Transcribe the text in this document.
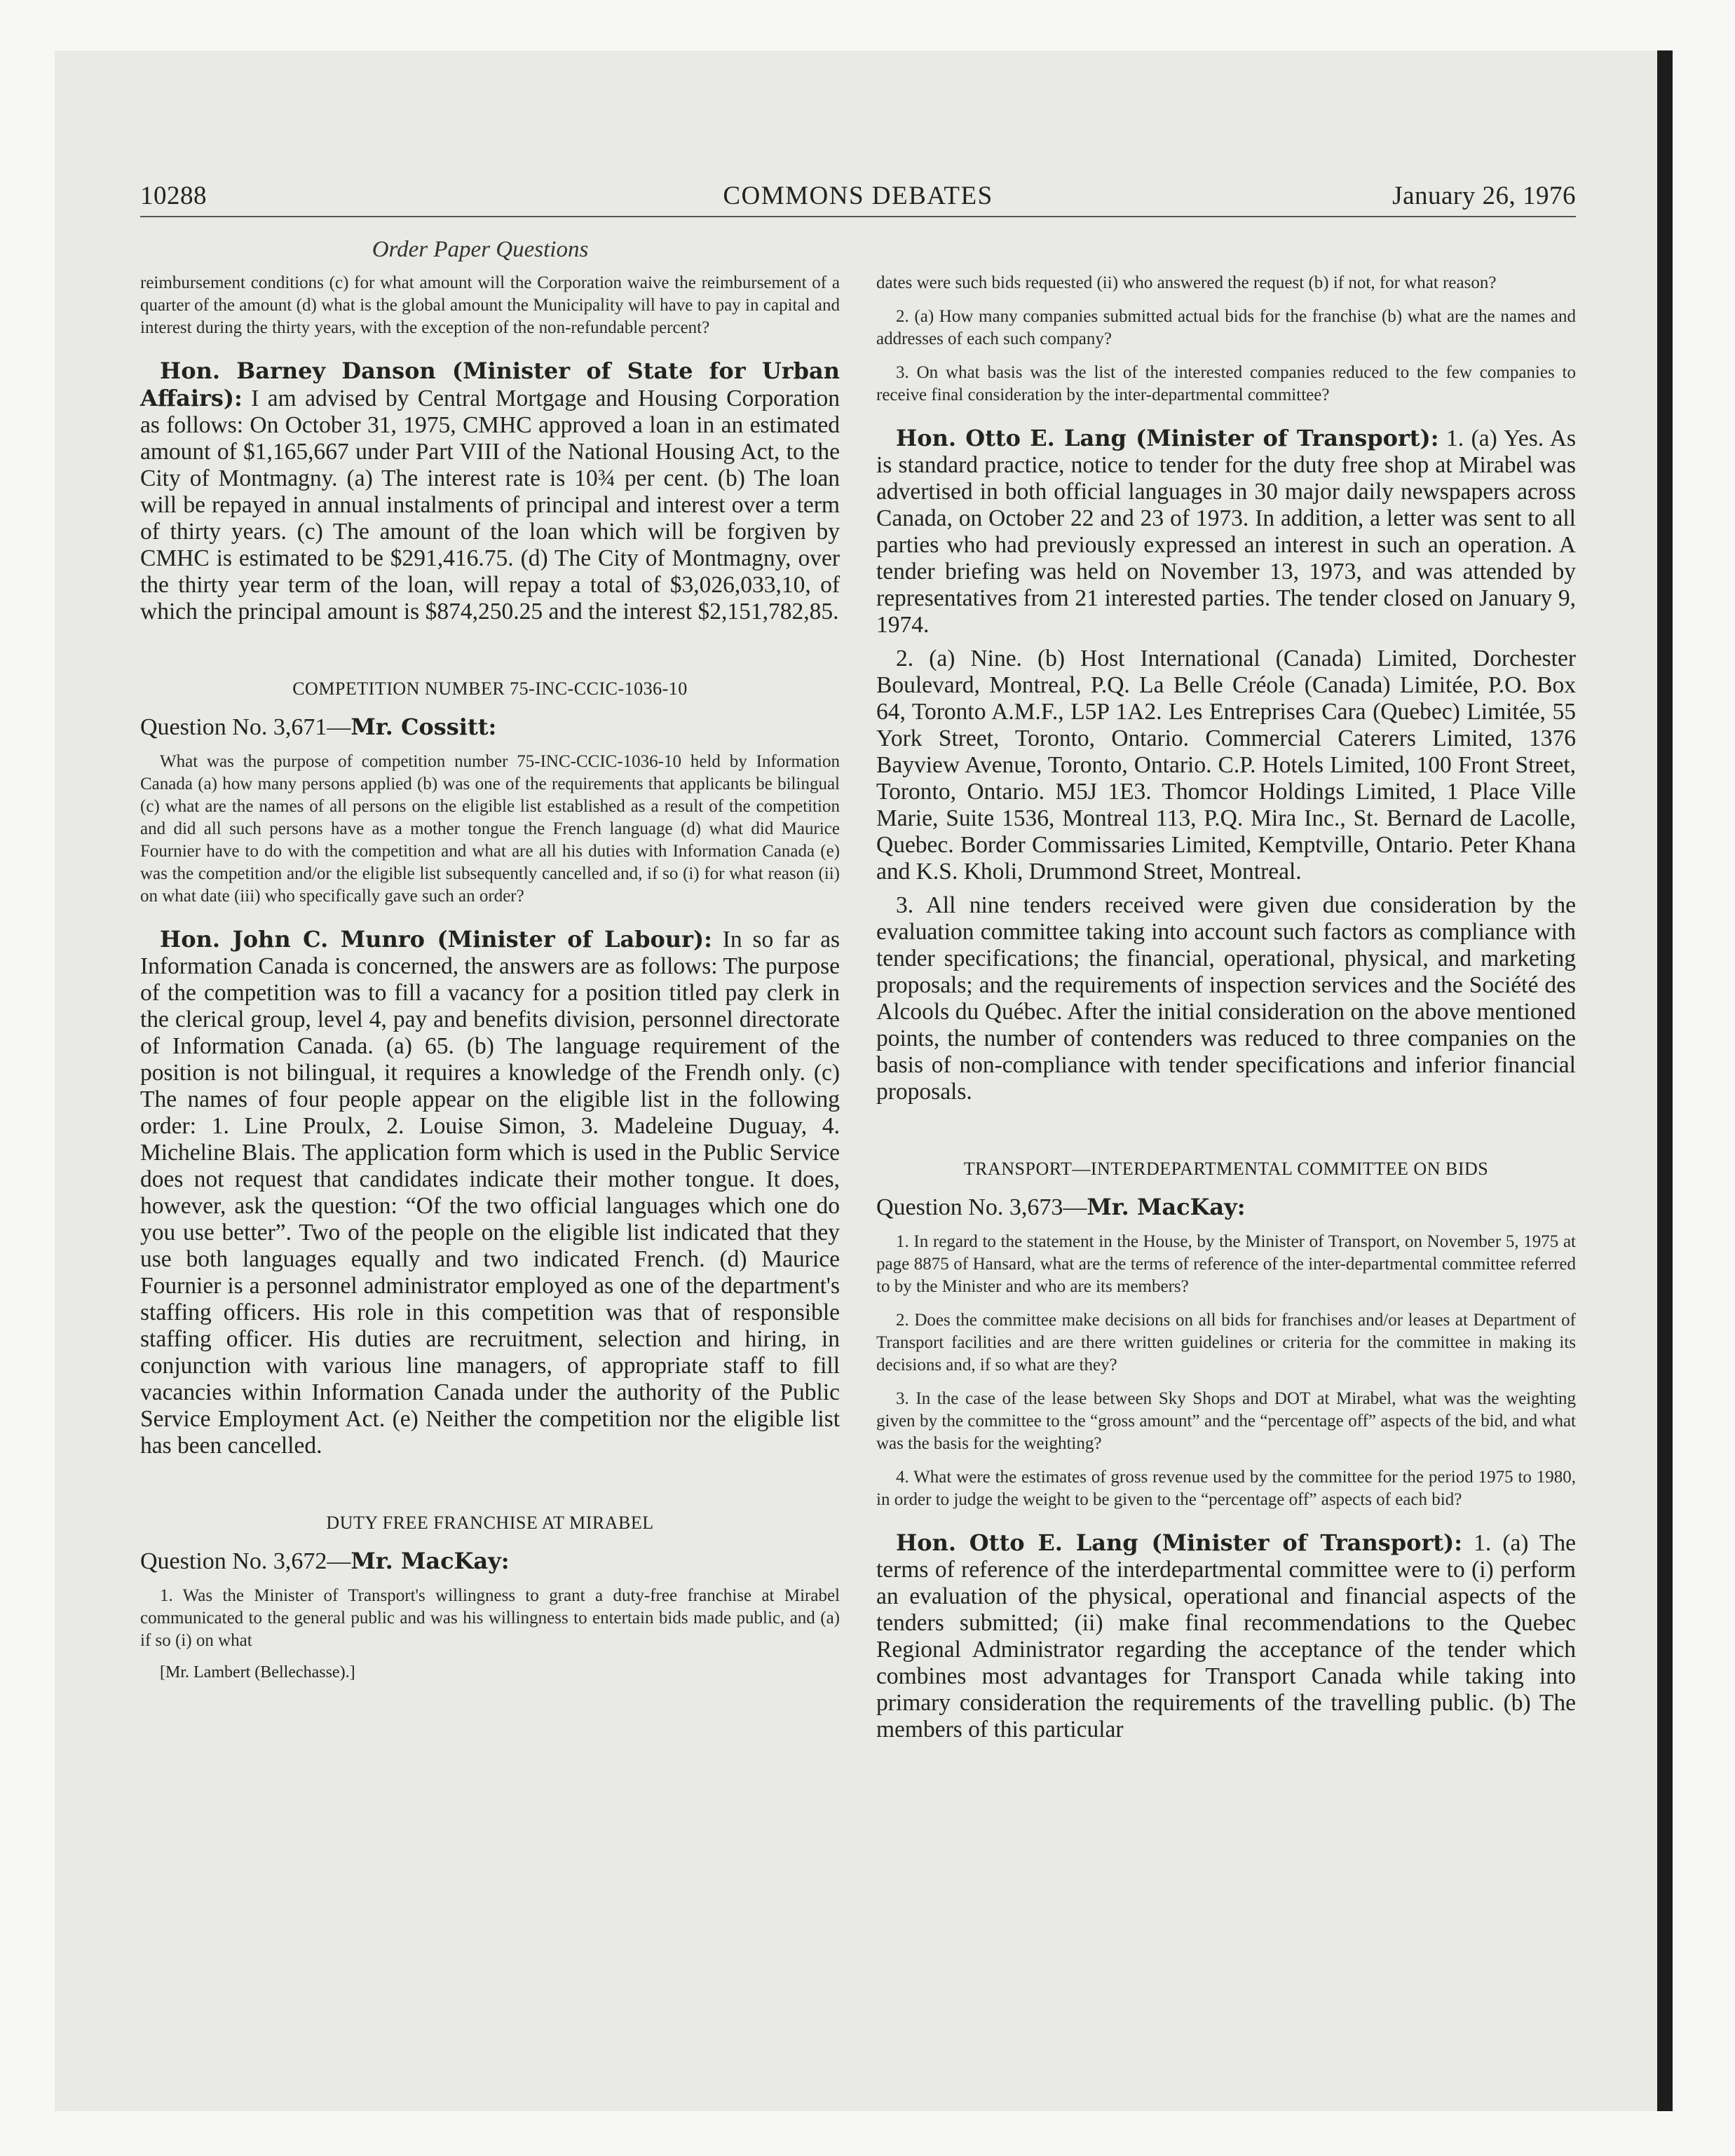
10288	COMMONS DEBATES	January 26, 1976
Order Paper Questions

reimbursement conditions (c) for what amount will the Corporation waive the reimbursement of a quarter of the amount (d) what is the global amount the Municipality will have to pay in capital and interest during the thirty years, with the exception of the non-refundable percent?

Hon. Barney Danson (Minister of State for Urban Affairs): I am advised by Central Mortgage and Housing Corporation as follows: On October 31, 1975, CMHC approved a loan in an estimated amount of $1,165,667 under Part VIII of the National Housing Act, to the City of Montmagny. (a) The interest rate is 10¾ per cent. (b) The loan will be repayed in annual instalments of principal and interest over a term of thirty years. (c) The amount of the loan which will be forgiven by CMHC is estimated to be $291,416.75. (d) The City of Montmagny, over the thirty year term of the loan, will repay a total of $3,026,033,10, of which the principal amount is $874,250.25 and the interest $2,151,782,85.

COMPETITION NUMBER 75-INC-CCIC-1036-10
Question No. 3,671—Mr. Cossitt:

What was the purpose of competition number 75-INC-CCIC-1036-10 held by Information Canada (a) how many persons applied (b) was one of the requirements that applicants be bilingual (c) what are the names of all persons on the eligible list established as a result of the competition and did all such persons have as a mother tongue the French language (d) what did Maurice Fournier have to do with the competition and what are all his duties with Information Canada (e) was the competition and/or the eligible list subsequently cancelled and, if so (i) for what reason (ii) on what date (iii) who specifically gave such an order?

Hon. John C. Munro (Minister of Labour): In so far as Information Canada is concerned, the answers are as follows: The purpose of the competition was to fill a vacancy for a position titled pay clerk in the clerical group, level 4, pay and benefits division, personnel directorate of Information Canada. (a) 65. (b) The language requirement of the position is not bilingual, it requires a knowledge of the Frendh only. (c) The names of four people appear on the eligible list in the following order: 1. Line Proulx, 2. Louise Simon, 3. Madeleine Duguay, 4. Micheline Blais. The application form which is used in the Public Service does not request that candidates indicate their mother tongue. It does, however, ask the question: “Of the two official languages which one do you use better”. Two of the people on the eligible list indicated that they use both languages equally and two indicated French. (d) Maurice Fournier is a personnel administrator employed as one of the department's staffing officers. His role in this competition was that of responsible staffing officer. His duties are recruitment, selection and hiring, in conjunction with various line managers, of appropriate staff to fill vacancies within Information Canada under the authority of the Public Service Employment Act. (e) Neither the competition nor the eligible list has been cancelled.

DUTY FREE FRANCHISE AT MIRABEL
Question No. 3,672—Mr. MacKay:

1. Was the Minister of Transport's willingness to grant a duty-free franchise at Mirabel communicated to the general public and was his willingness to entertain bids made public, and (a) if so (i) on what

[Mr. Lambert (Bellechasse).]

dates were such bids requested (ii) who answered the request (b) if not, for what reason?

2. (a) How many companies submitted actual bids for the franchise (b) what are the names and addresses of each such company?

3. On what basis was the list of the interested companies reduced to the few companies to receive final consideration by the inter-departmental committee?

Hon. Otto E. Lang (Minister of Transport): 1. (a) Yes. As is standard practice, notice to tender for the duty free shop at Mirabel was advertised in both official languages in 30 major daily newspapers across Canada, on October 22 and 23 of 1973. In addition, a letter was sent to all parties who had previously expressed an interest in such an operation. A tender briefing was held on November 13, 1973, and was attended by representatives from 21 interested parties. The tender closed on January 9, 1974.

2. (a) Nine. (b) Host International (Canada) Limited, Dorchester Boulevard, Montreal, P.Q. La Belle Créole (Canada) Limitée, P.O. Box 64, Toronto A.M.F., L5P 1A2. Les Entreprises Cara (Quebec) Limitée, 55 York Street, Toronto, Ontario. Commercial Caterers Limited, 1376 Bayview Avenue, Toronto, Ontario. C.P. Hotels Limited, 100 Front Street, Toronto, Ontario. M5J 1E3. Thomcor Holdings Limited, 1 Place Ville Marie, Suite 1536, Montreal 113, P.Q. Mira Inc., St. Bernard de Lacolle, Quebec. Border Commissaries Limited, Kemptville, Ontario. Peter Khana and K.S. Kholi, Drummond Street, Montreal.

3. All nine tenders received were given due consideration by the evaluation committee taking into account such factors as compliance with tender specifications; the financial, operational, physical, and marketing proposals; and the requirements of inspection services and the Société des Alcools du Québec. After the initial consideration on the above mentioned points, the number of contenders was reduced to three companies on the basis of non-compliance with tender specifications and inferior financial proposals.

TRANSPORT—INTERDEPARTMENTAL COMMITTEE ON BIDS
Question No. 3,673—Mr. MacKay:

1. In regard to the statement in the House, by the Minister of Transport, on November 5, 1975 at page 8875 of Hansard, what are the terms of reference of the inter-departmental committee referred to by the Minister and who are its members?

2. Does the committee make decisions on all bids for franchises and/or leases at Department of Transport facilities and are there written guidelines or criteria for the committee in making its decisions and, if so what are they?

3. In the case of the lease between Sky Shops and DOT at Mirabel, what was the weighting given by the committee to the “gross amount” and the “percentage off” aspects of the bid, and what was the basis for the weighting?

4. What were the estimates of gross revenue used by the committee for the period 1975 to 1980, in order to judge the weight to be given to the “percentage off” aspects of each bid?

Hon. Otto E. Lang (Minister of Transport): 1. (a) The terms of reference of the interdepartmental committee were to (i) perform an evaluation of the physical, operational and financial aspects of the tenders submitted; (ii) make final recommendations to the Quebec Regional Administrator regarding the acceptance of the tender which combines most advantages for Transport Canada while taking into primary consideration the requirements of the travelling public. (b) The members of this particular
